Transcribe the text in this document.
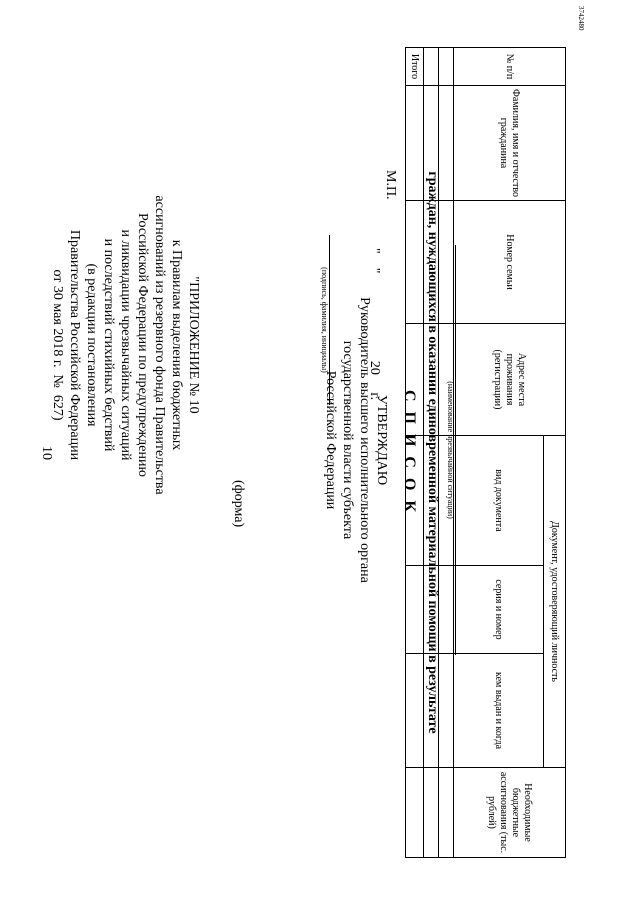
10
"ПРИЛОЖЕНИЕ № 10
к Правилам выделения бюджетных
ассигнований из резервного фонда Правительства
Российской Федерации по предупреждению
и ликвидации чрезвычайных ситуаций
и последствий стихийных бедствий
(в редакции постановления
Правительства Российской Федерации
от 30 мая 2018 г.  №  627)
(форма)
УТВЕРЖДАЮ
Руководитель высшего исполнительного органа
государственной власти субъекта
Российской Федерации
(подпись, фамилия, инициалы)	"    "                         20     г.
М.П.
С П И С О К граждан, нуждающихся в оказании единовременной материальной помощи в результате (наименование чрезвычайной ситуации)
№ п/п	Фамилия, имя и отчество гражданина	Номер семьи	Адрес места проживания (регистрации)	Документ, удостоверяющий личность			Необходимые бюджетные ассигнования (тыс. рублей)
				вид документа	серия и номер	кем выдан и когда	

Итого							
3742480
